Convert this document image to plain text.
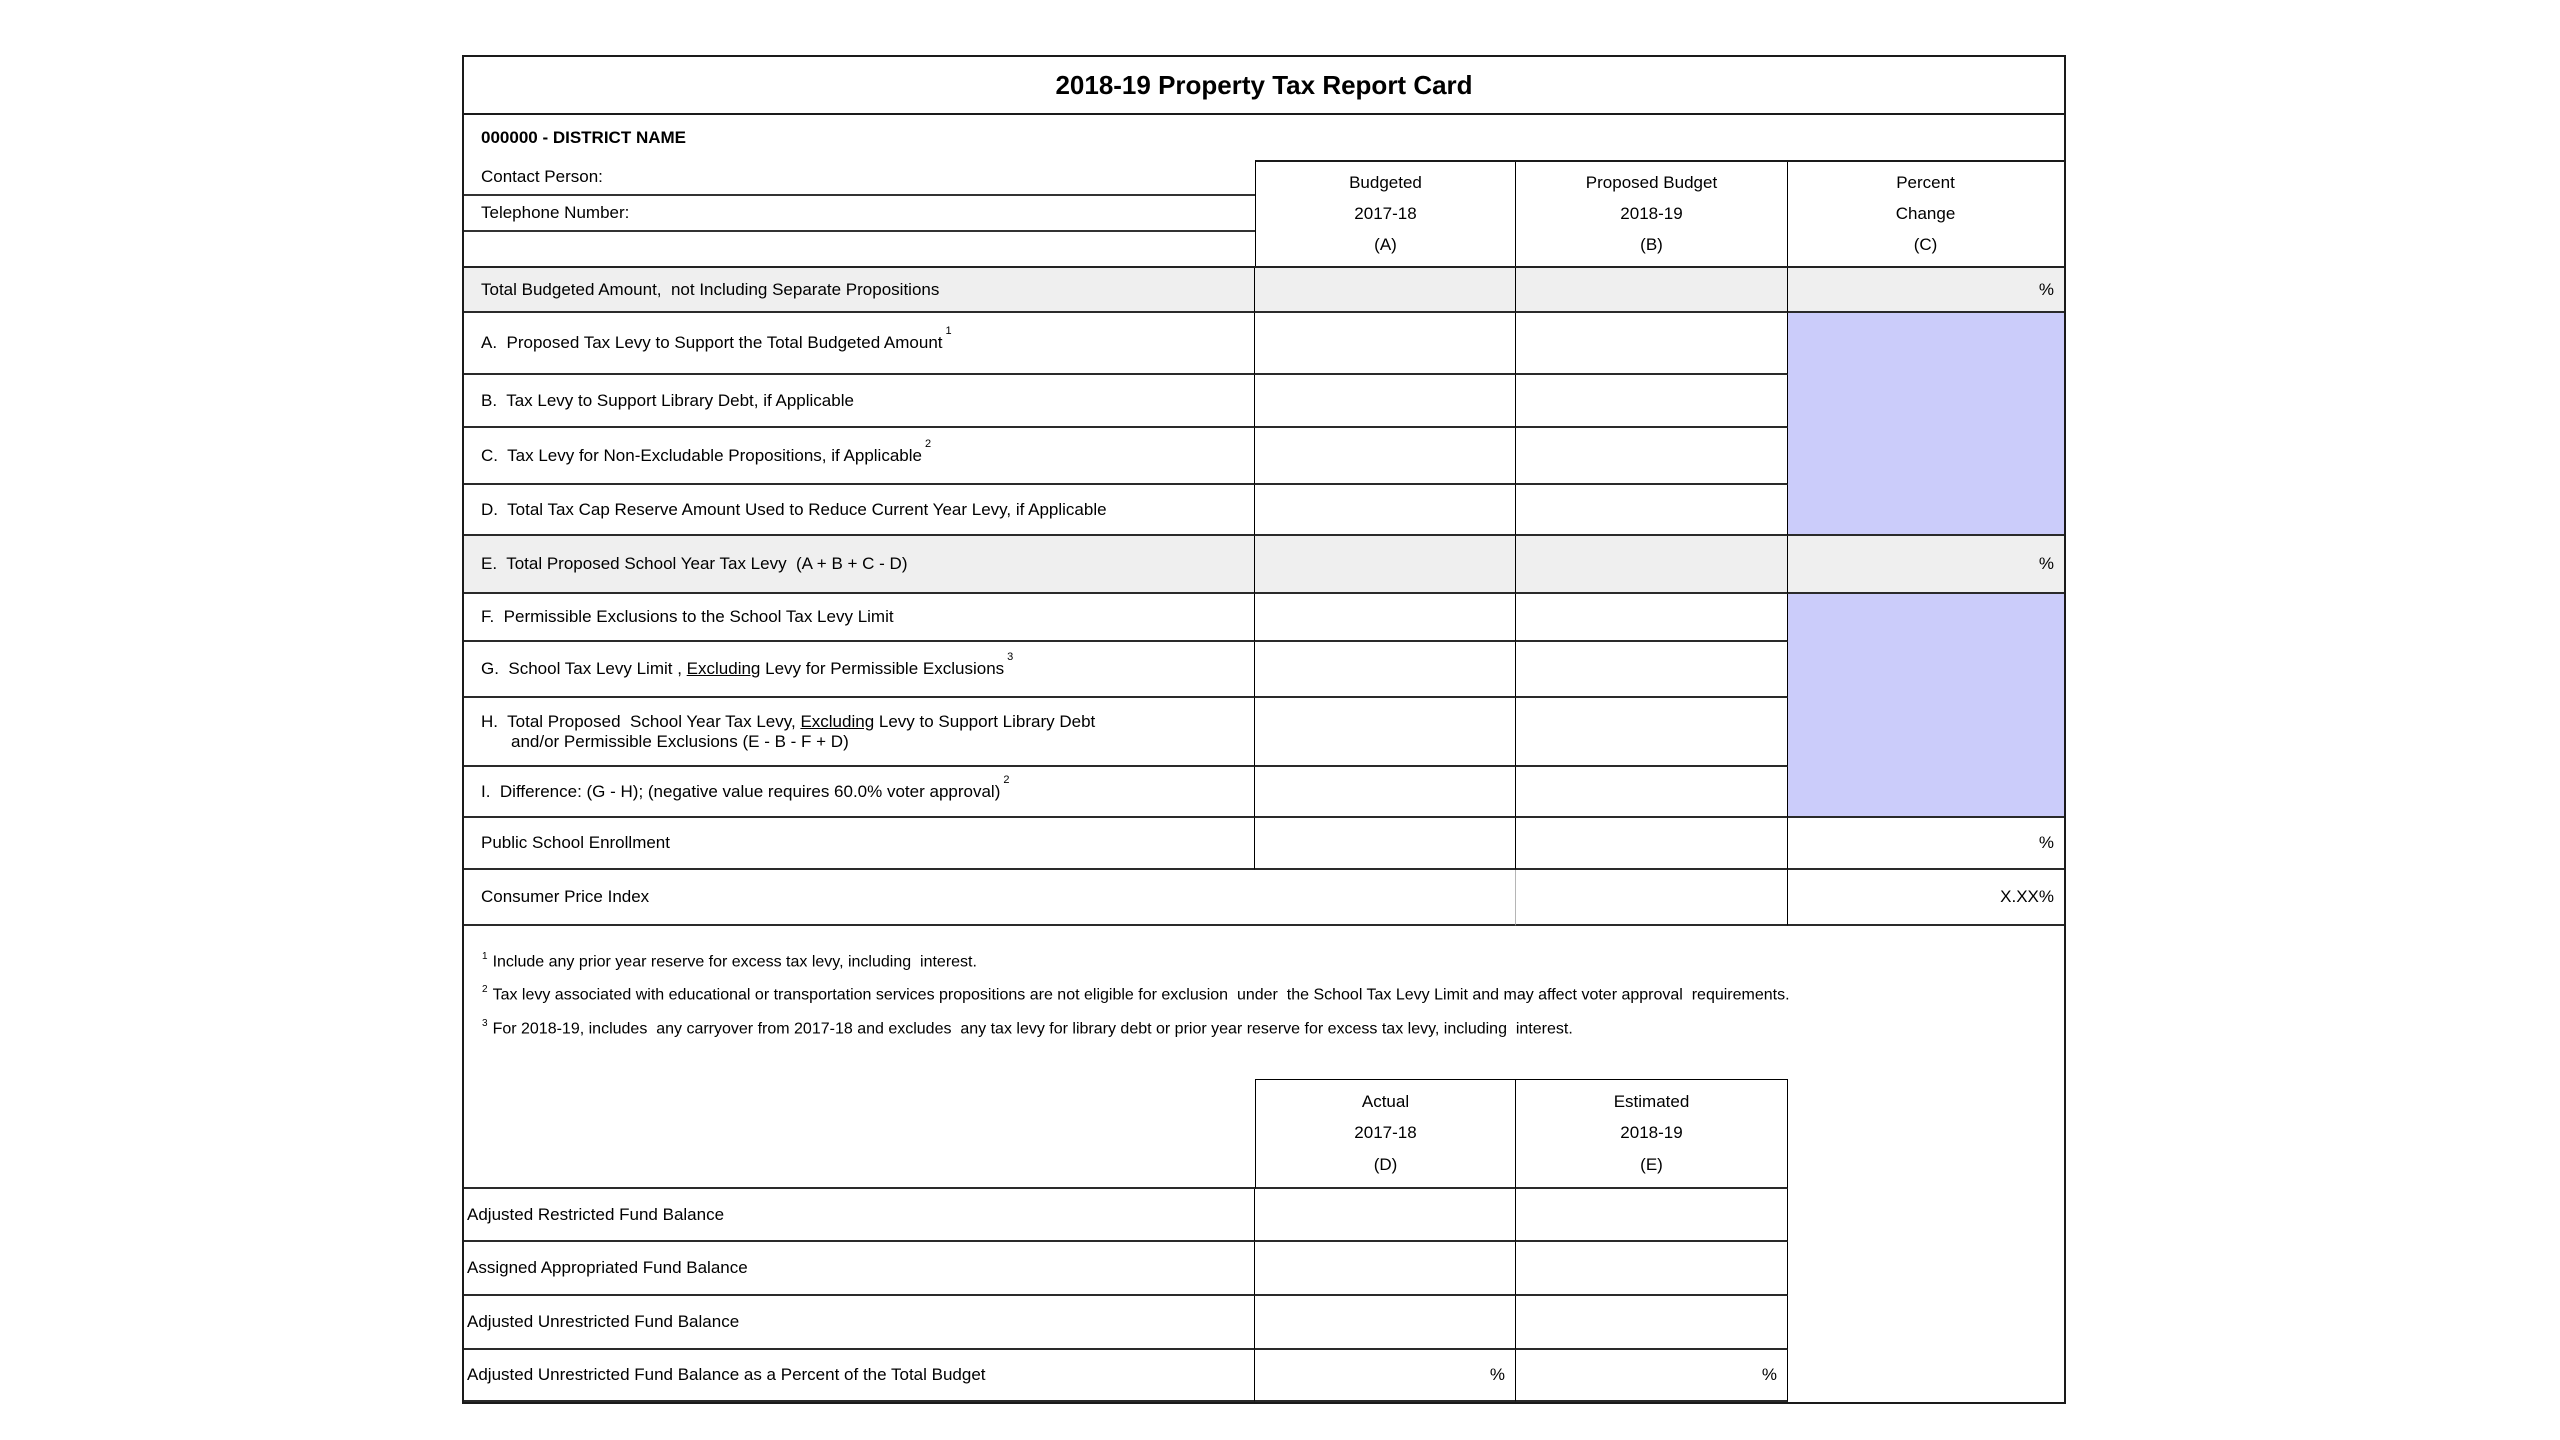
2018-19 Property Tax Report Card
000000 - DISTRICT NAME
Contact Person:
Telephone Number:
Budgeted
2017-18
(A)
Proposed Budget
2018-19
(B)
Percent
Change
(C)
Total Budgeted Amount,  not Including Separate Propositions	%
A.  Proposed Tax Levy to Support the Total Budgeted Amount$^1$
B.  Tax Levy to Support Library Debt, if Applicable
C.  Tax Levy for Non-Excludable Propositions, if Applicable$^2$
D.  Total Tax Cap Reserve Amount Used to Reduce Current Year Levy, if Applicable
E.  Total Proposed School Year Tax Levy  (A + B + C - D)	%
F.  Permissible Exclusions to the School Tax Levy Limit
G.  School Tax Levy Limit , Excluding Levy for Permissible Exclusions$^3$
H.  Total Proposed  School Year Tax Levy, Excluding Levy to Support Library Debt
and/or Permissible Exclusions (E - B - F + D)
I.  Difference: (G - H); (negative value requires 60.0% voter approval)$^2$
Public School Enrollment	%
Consumer Price Index	X.XX%
$^1$ Include any prior year reserve for excess tax levy, including  interest.
$^2$ Tax levy associated with educational or transportation services propositions are not eligible for exclusion  under  the School Tax Levy Limit and may affect voter approval  requirements.
$^3$ For 2018-19, includes  any carryover from 2017-18 and excludes  any tax levy for library debt or prior year reserve for excess tax levy, including  interest.
Actual
2017-18
(D)
Estimated
2018-19
(E)
Adjusted Restricted Fund Balance
Assigned Appropriated Fund Balance
Adjusted Unrestricted Fund Balance
Adjusted Unrestricted Fund Balance as a Percent of the Total Budget	%	%
